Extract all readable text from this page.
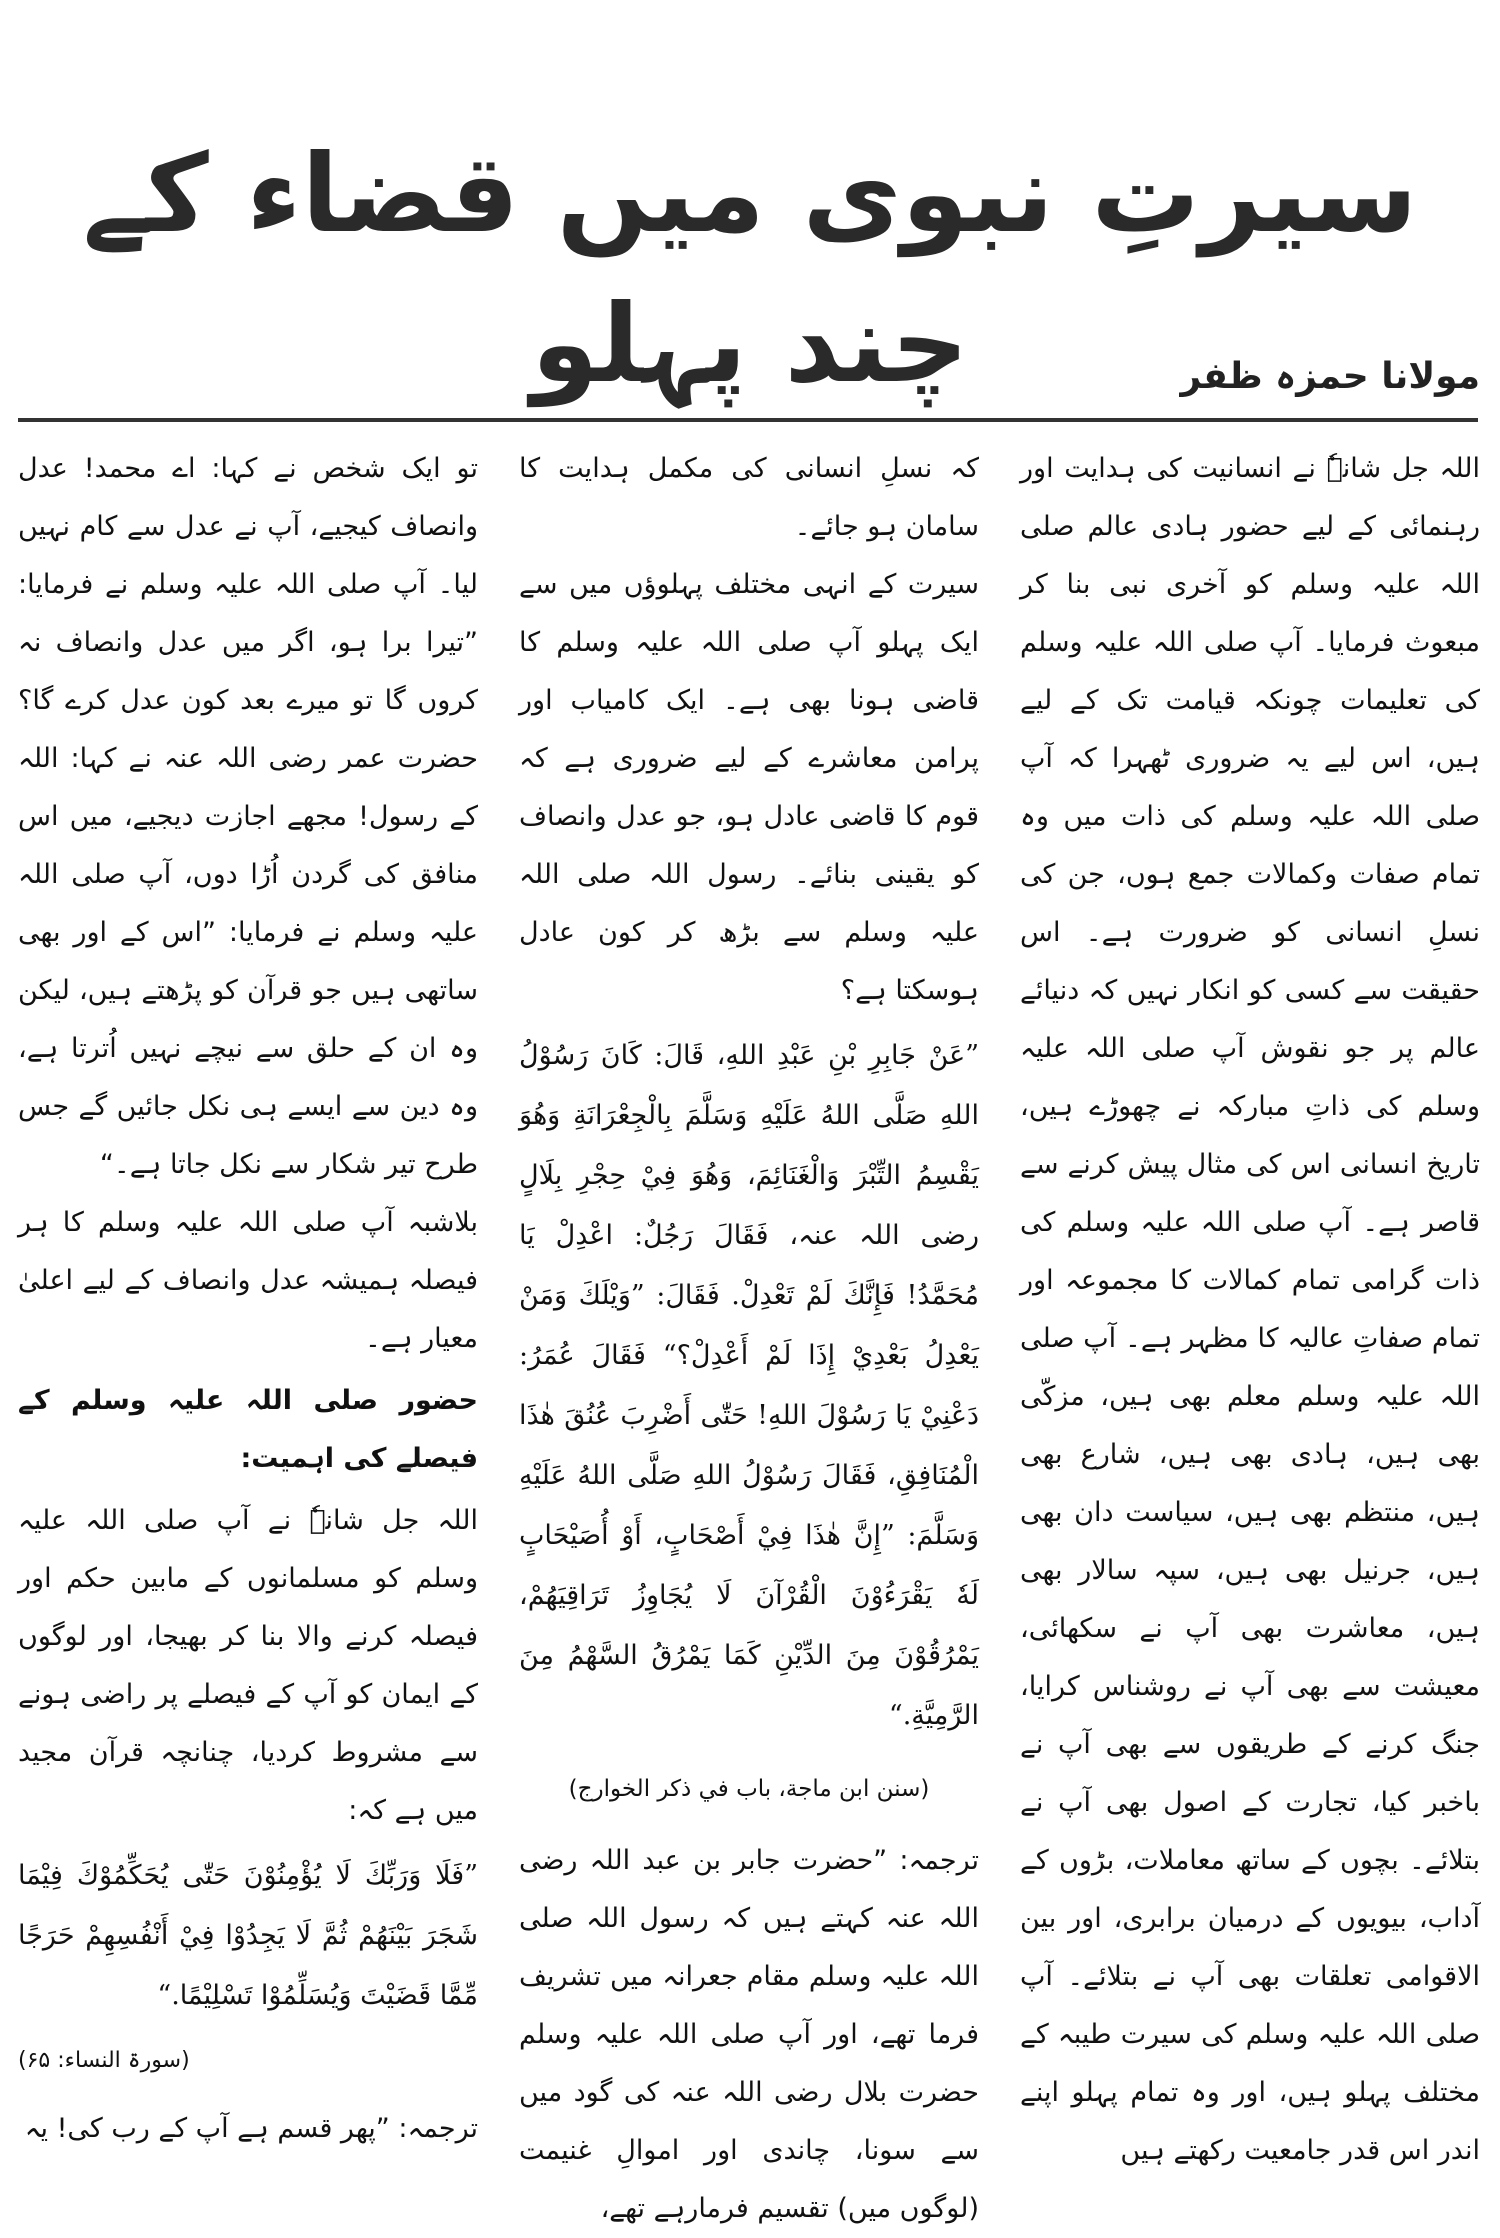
سیرتِ نبوی میں قضاء کے چند پہلو	مولانا حمزہ ظفر

اللہ جل شانہٗ نے انسانیت کی ہدایت اور رہنمائی کے لیے حضور ہادی عالم صلی اللہ علیہ وسلم کو آخری نبی بنا کر مبعوث فرمایا۔ آپ صلی اللہ علیہ وسلم کی تعلیمات چونکہ قیامت تک کے لیے ہیں، اس لیے یہ ضروری ٹھہرا کہ آپ صلی اللہ علیہ وسلم کی ذات میں وہ تمام صفات وکمالات جمع ہوں، جن کی نسلِ انسانی کو ضرورت ہے۔ اس حقیقت سے کسی کو انکار نہیں کہ دنیائے عالم پر جو نقوش آپ صلی اللہ علیہ وسلم کی ذاتِ مبارکہ نے چھوڑے ہیں، تاریخ انسانی اس کی مثال پیش کرنے سے قاصر ہے۔ آپ صلی اللہ علیہ وسلم کی ذات گرامی تمام کمالات کا مجموعہ اور تمام صفاتِ عالیہ کا مظہر ہے۔ آپ صلی اللہ علیہ وسلم معلم بھی ہیں، مزکّی بھی ہیں، ہادی بھی ہیں، شارع بھی ہیں، منتظم بھی ہیں، سیاست دان بھی ہیں، جرنیل بھی ہیں، سپہ سالار بھی ہیں، معاشرت بھی آپ نے سکھائی، معیشت سے بھی آپ نے روشناس کرایا، جنگ کرنے کے طریقوں سے بھی آپ نے باخبر کیا، تجارت کے اصول بھی آپ نے بتلائے۔ بچوں کے ساتھ معاملات، بڑوں کے آداب، بیویوں کے درمیان برابری، اور بین الاقوامی تعلقات بھی آپ نے بتلائے۔ آپ صلی اللہ علیہ وسلم کی سیرت طیبہ کے مختلف پہلو ہیں، اور وہ تمام پہلو اپنے اندر اس قدر جامعیت رکھتے ہیں

کہ نسلِ انسانی کی مکمل ہدایت کا سامان ہو جائے۔

سیرت کے انہی مختلف پہلوؤں میں سے ایک پہلو آپ صلی اللہ علیہ وسلم کا قاضی ہونا بھی ہے۔ ایک کامیاب اور پرامن معاشرے کے لیے ضروری ہے کہ قوم کا قاضی عادل ہو، جو عدل وانصاف کو یقینی بنائے۔ رسول اللہ صلی اللہ علیہ وسلم سے بڑھ کر کون عادل ہوسکتا ہے؟

”عَنْ جَابِرِ بْنِ عَبْدِ اللهِ، قَالَ: كَانَ رَسُوْلُ اللهِ صَلَّى اللهُ عَلَيْهِ وَسَلَّمَ بِالْجِعْرَانَةِ وَهُوَ يَقْسِمُ التِّبْرَ وَالْغَنَائِمَ، وَهُوَ فِيْ حِجْرِ بِلَالٍ رضی اللہ عنہ، فَقَالَ رَجُلٌ: اعْدِلْ يَا مُحَمَّدُ! فَإِنَّكَ لَمْ تَعْدِلْ. فَقَالَ: ”وَيْلَكَ وَمَنْ يَعْدِلُ بَعْدِيْ إِذَا لَمْ أَعْدِلْ؟“ فَقَالَ عُمَرُ: دَعْنِيْ يَا رَسُوْلَ اللهِ! حَتّٰى أَضْرِبَ عُنُقَ هٰذَا الْمُنَافِقِ، فَقَالَ رَسُوْلُ اللهِ صَلَّى اللهُ عَلَيْهِ وَسَلَّمَ: ”إِنَّ هٰذَا فِيْ أَصْحَابٍ، أَوْ أُصَيْحَابٍ لَهٗ يَقْرَءُوْنَ الْقُرْآنَ لَا يُجَاوِزُ تَرَاقِيَهُمْ، يَمْرُقُوْنَ مِنَ الدِّيْنِ كَمَا يَمْرُقُ السَّهْمُ مِنَ الرَّمِيَّةِ.“

(سنن ابن ماجة، باب في ذكر الخوارج)

ترجمہ: ”حضرت جابر بن عبد اللہ رضی اللہ عنہ کہتے ہیں کہ رسول اللہ صلی اللہ علیہ وسلم مقام جعرانہ میں تشریف فرما تھے، اور آپ صلی اللہ علیہ وسلم حضرت بلال رضی اللہ عنہ کی گود میں سے سونا، چاندی اور اموالِ غنیمت (لوگوں میں) تقسیم فرمارہے تھے،

تو ایک شخص نے کہا: اے محمد! عدل وانصاف کیجیے، آپ نے عدل سے کام نہیں لیا۔ آپ صلی اللہ علیہ وسلم نے فرمایا: ”تیرا برا ہو، اگر میں عدل وانصاف نہ کروں گا تو میرے بعد کون عدل کرے گا؟ حضرت عمر رضی اللہ عنہ نے کہا: اللہ کے رسول! مجھے اجازت دیجیے، میں اس منافق کی گردن اُڑا دوں، آپ صلی اللہ علیہ وسلم نے فرمایا: ”اس کے اور بھی ساتھی ہیں جو قرآن کو پڑھتے ہیں، لیکن وہ ان کے حلق سے نیچے نہیں اُترتا ہے، وہ دین سے ایسے ہی نکل جائیں گے جس طرح تیر شکار سے نکل جاتا ہے۔“

بلاشبہ آپ صلی اللہ علیہ وسلم کا ہر فیصلہ ہمیشہ عدل وانصاف کے لیے اعلیٰ معیار ہے۔

حضور صلی اللہ علیہ وسلم کے فیصلے کی اہمیت:

اللہ جل شانہٗ نے آپ صلی اللہ علیہ وسلم کو مسلمانوں کے مابین حکم اور فیصلہ کرنے والا بنا کر بھیجا، اور لوگوں کے ایمان کو آپ کے فیصلے پر راضی ہونے سے مشروط کردیا، چنانچہ قرآن مجید میں ہے کہ:

”فَلَا وَرَبِّكَ لَا يُؤْمِنُوْنَ حَتّٰى يُحَكِّمُوْكَ فِيْمَا شَجَرَ بَيْنَهُمْ ثُمَّ لَا يَجِدُوْا فِيْ أَنْفُسِهِمْ حَرَجًا مِّمَّا قَضَيْتَ وَيُسَلِّمُوْا تَسْلِيْمًا.“

(سورۃ النساء: ۶۵)

ترجمہ: ”پھر قسم ہے آپ کے رب کی! یہ
